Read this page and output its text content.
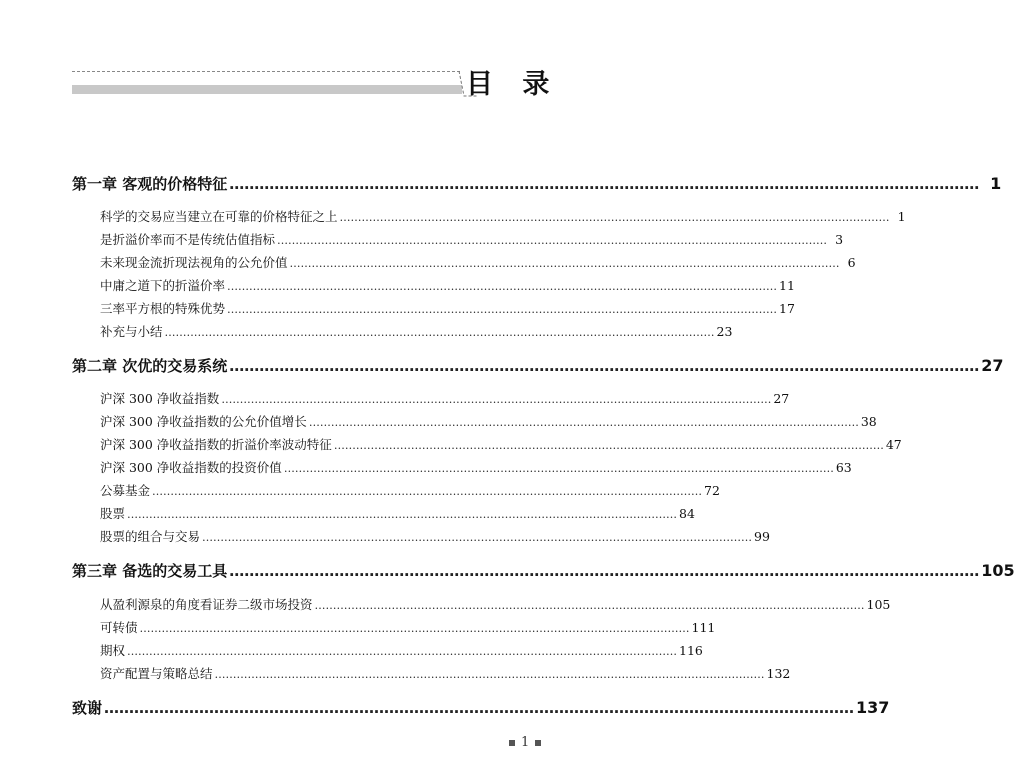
目 录
第一章 客观的价格特征 …………………………………………………………………………………………………………………………………… 1
科学的交易应当建立在可靠的价格特征之上 …………………………………………………………………………………………………………………………………… 1
是折溢价率而不是传统估值指标 …………………………………………………………………………………………………………………………………… 3
未来现金流折现法视角的公允价值 …………………………………………………………………………………………………………………………………… 6
中庸之道下的折溢价率 …………………………………………………………………………………………………………………………………… 11
三率平方根的特殊优势 …………………………………………………………………………………………………………………………………… 17
补充与小结 …………………………………………………………………………………………………………………………………… 23
第二章 次优的交易系统 …………………………………………………………………………………………………………………………………… 27
沪深 300 净收益指数 …………………………………………………………………………………………………………………………………… 27
沪深 300 净收益指数的公允价值增长 …………………………………………………………………………………………………………………………………… 38
沪深 300 净收益指数的折溢价率波动特征 …………………………………………………………………………………………………………………………………… 47
沪深 300 净收益指数的投资价值 …………………………………………………………………………………………………………………………………… 63
公募基金 …………………………………………………………………………………………………………………………………… 72
股票 …………………………………………………………………………………………………………………………………… 84
股票的组合与交易 …………………………………………………………………………………………………………………………………… 99
第三章 备选的交易工具 …………………………………………………………………………………………………………………………………… 105
从盈利源泉的角度看证券二级市场投资 …………………………………………………………………………………………………………………………………… 105
可转债 …………………………………………………………………………………………………………………………………… 111
期权 …………………………………………………………………………………………………………………………………… 116
资产配置与策略总结 …………………………………………………………………………………………………………………………………… 132
致谢 …………………………………………………………………………………………………………………………………… 137
1
